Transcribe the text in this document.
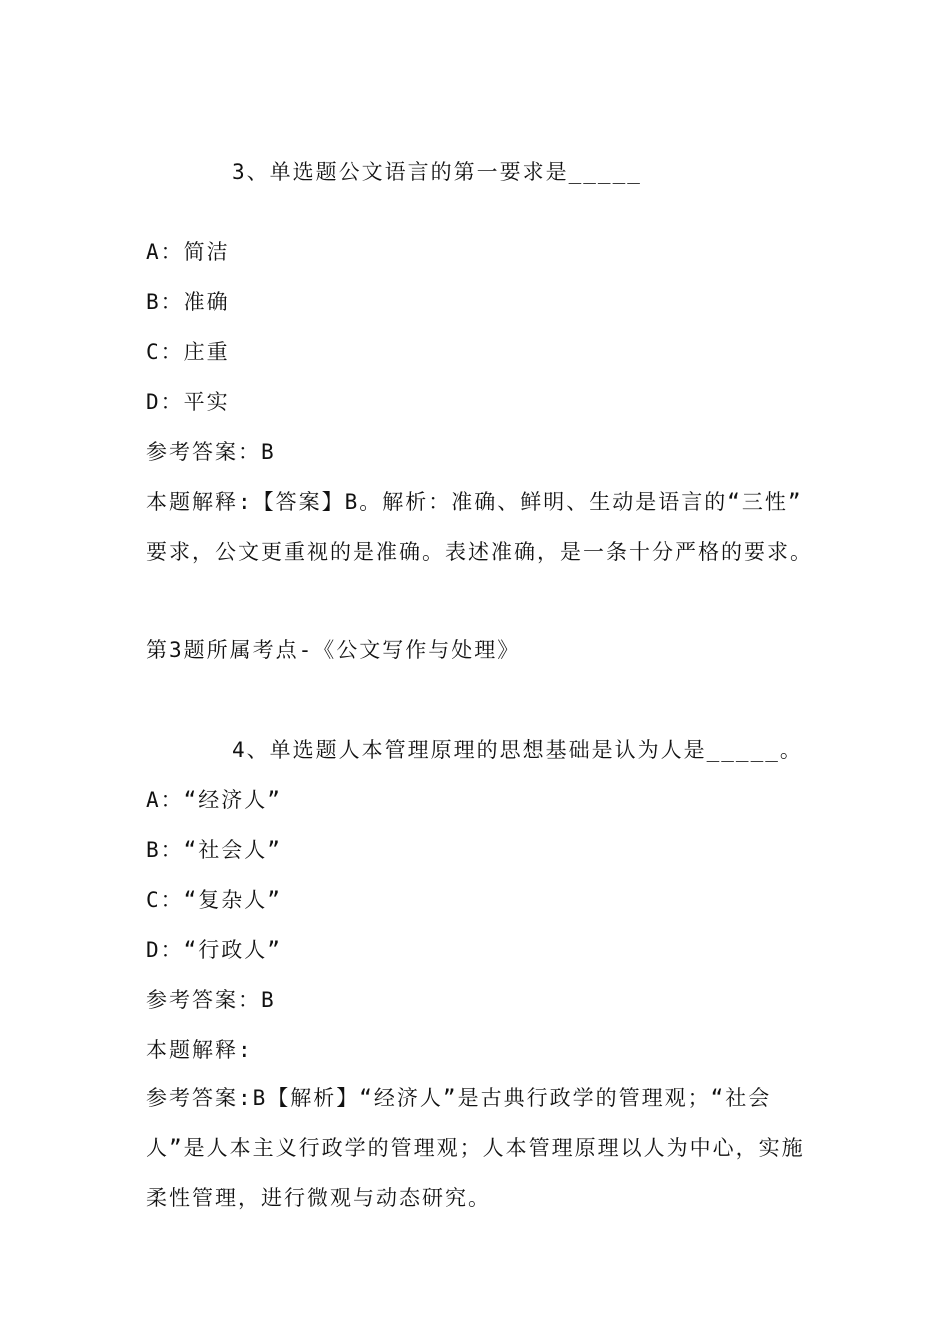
3、单选题公文语言的第一要求是_____
A：简洁
B：准确
C：庄重
D：平实
参考答案：B
本题解释:【答案】B。解析：准确、鲜明、生动是语言的“三性”
要求，公文更重视的是准确。表述准确，是一条十分严格的要求。
第3题所属考点-《公文写作与处理》
4、单选题人本管理原理的思想基础是认为人是_____。
A：“经济人”
B：“社会人”
C：“复杂人”
D：“行政人”
参考答案：B
本题解释:
参考答案:B【解析】“经济人”是古典行政学的管理观；“社会
人”是人本主义行政学的管理观；人本管理原理以人为中心，实施
柔性管理，进行微观与动态研究。
